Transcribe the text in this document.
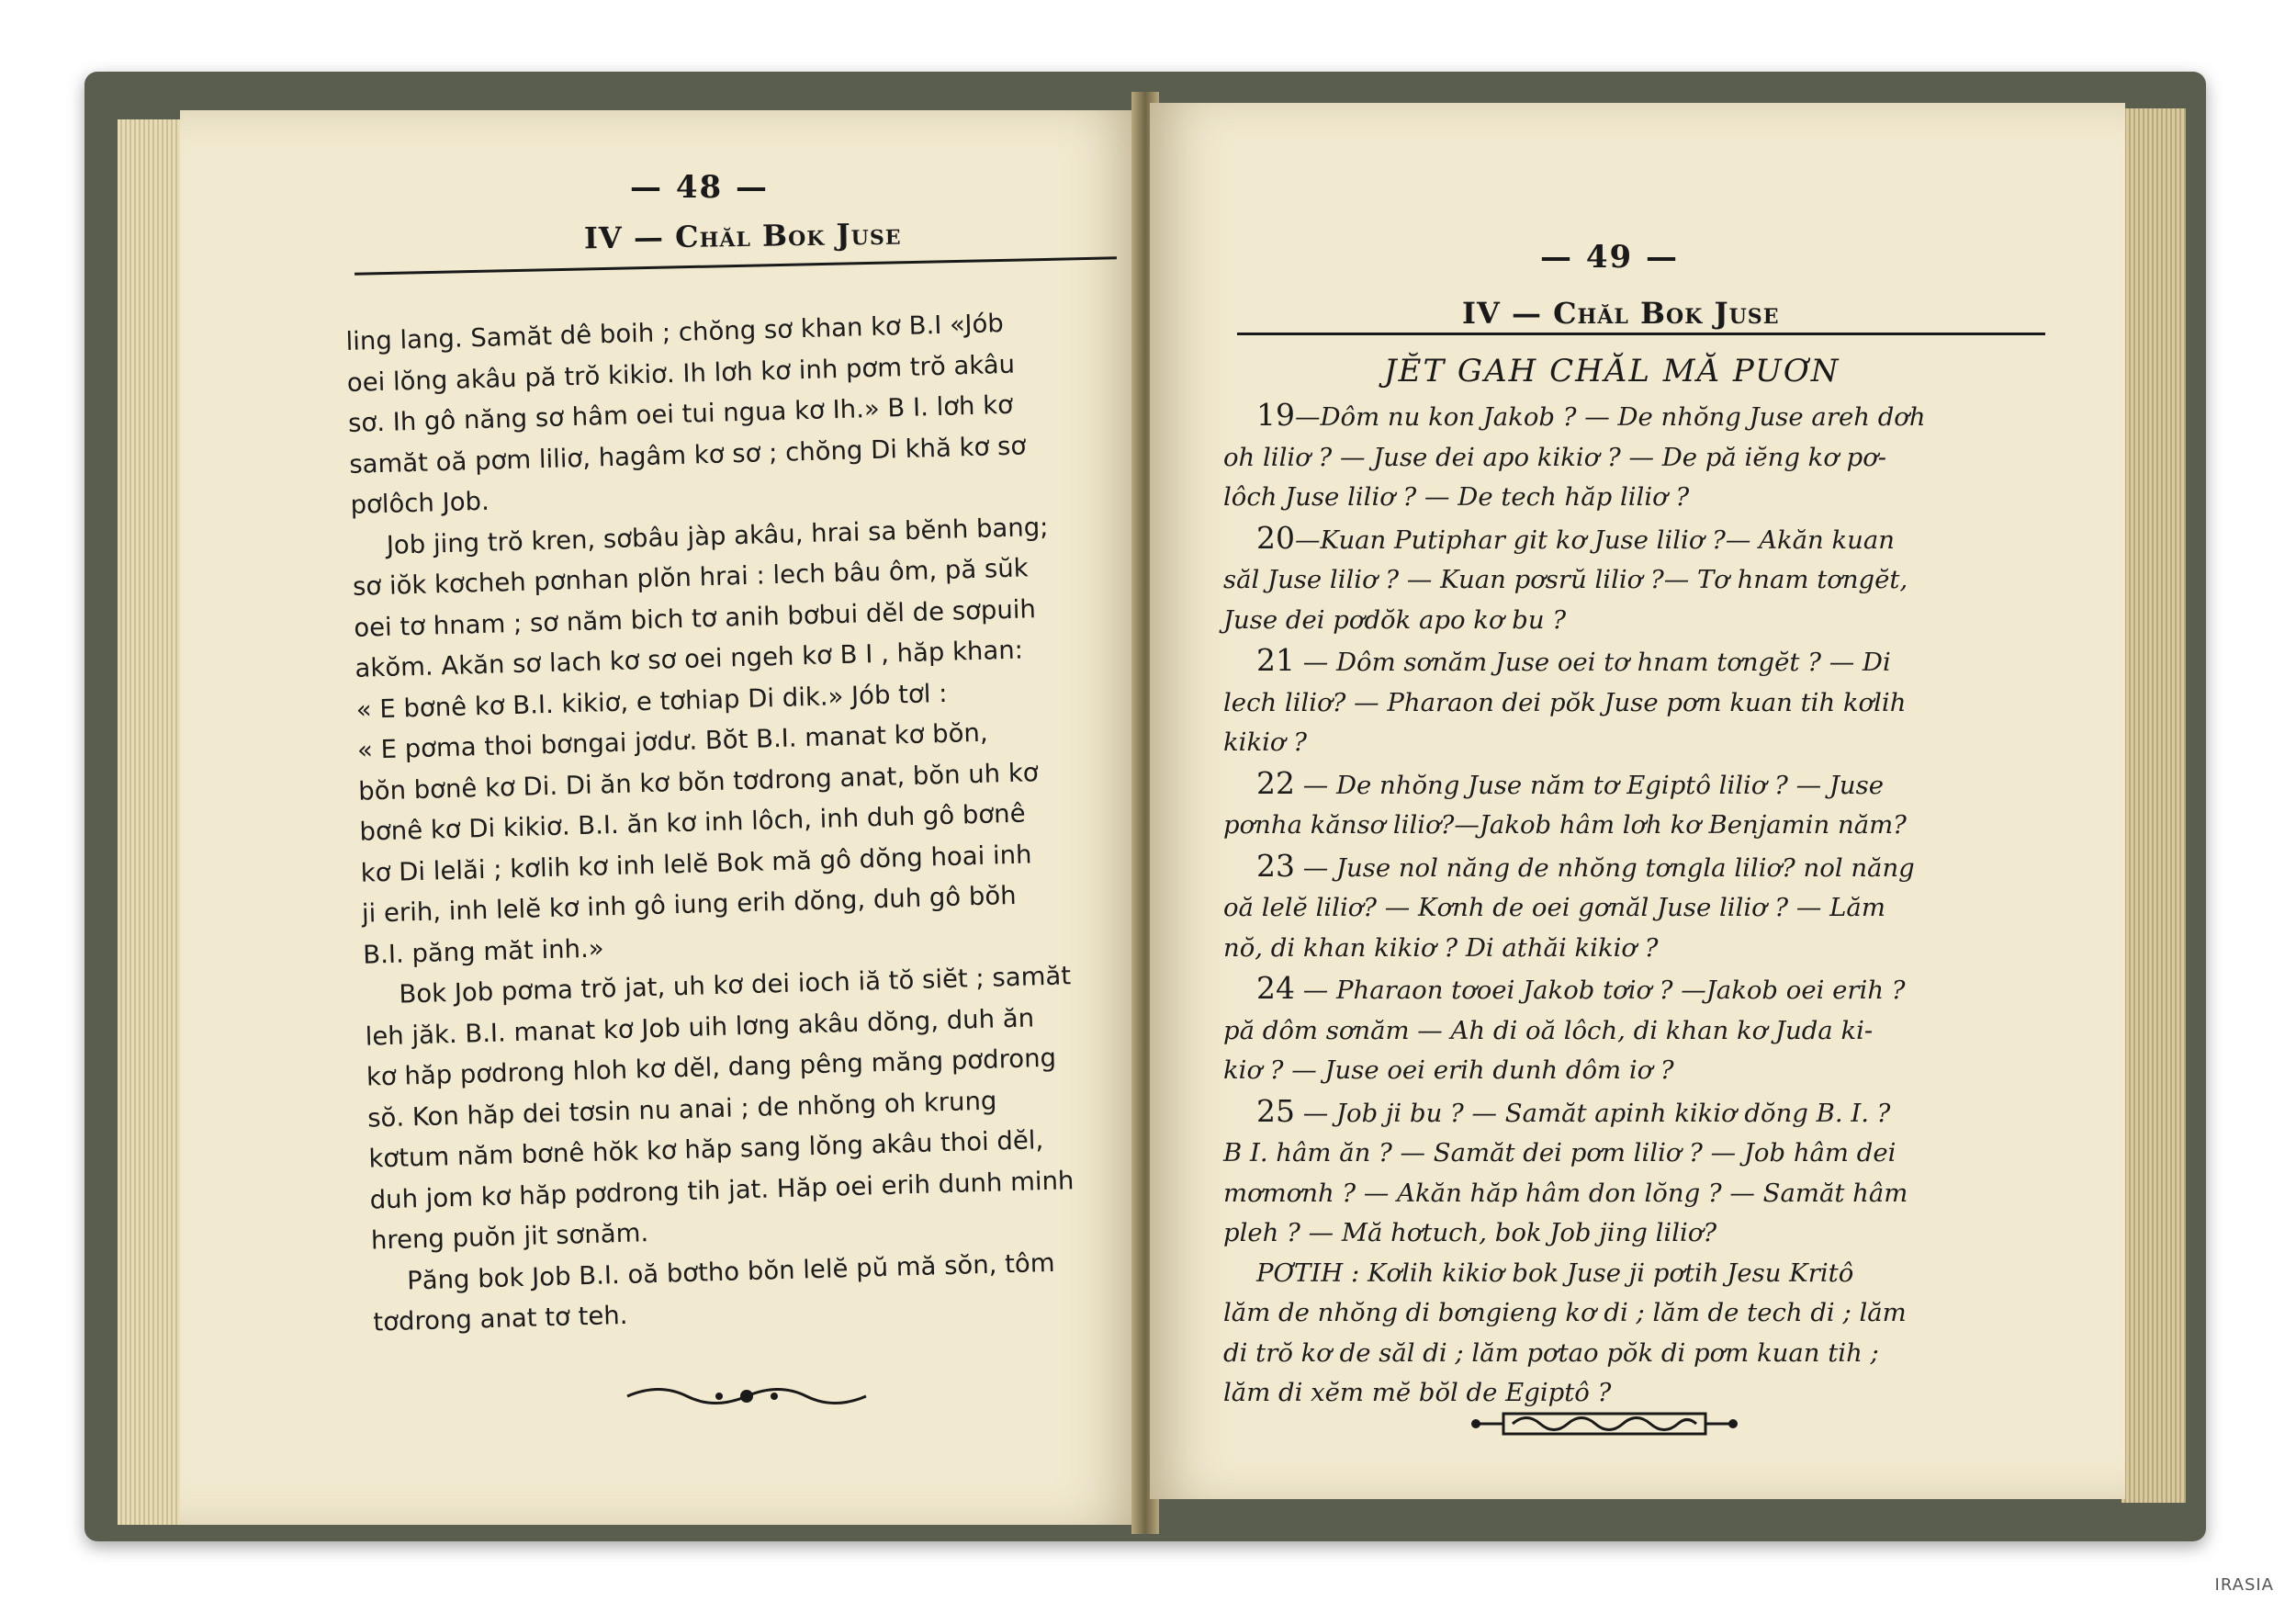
— 48 —
IV — Chăl Bok Juse

ling lang. Samăt dê boih ; chŏng sơ khan kơ B.I «Jób

oei lŏng akâu pă trŏ kikiơ. Ih lơh kơ inh pơm trŏ akâu

sơ. Ih gô năng sơ hâm oei tui ngua kơ Ih.» B I. lơh kơ

samăt oă pơm liliơ, hagâm kơ sơ ; chŏng Di khă kơ sơ

pơlôch Job.

Job jing trŏ kren, sơbâu jàp akâu, hrai sa bĕnh bang;

sơ iŏk kơcheh pơnhan plŏn hrai : lech bâu ôm, pă sŭk

oei tơ hnam ; sơ năm bich tơ anih bơbui dĕl de sơpuih

akŏm. Akăn sơ lach kơ sơ oei ngeh kơ B I , hăp khan:

« E bơnê kơ B.I. kikiơ, e tơhiap Di dik.» Jób tơl :

« E pơma thoi bơngai jơdư. Bŏt B.I. manat kơ bŏn,

bŏn bơnê kơ Di. Di ăn kơ bŏn tơdrong anat, bŏn uh kơ

bơnê kơ Di kikiơ. B.I. ăn kơ inh lôch, inh duh gô bơnê

kơ Di lelăi ; kơlih kơ inh lelĕ Bok mă gô dŏng hoai inh

ji erih, inh lelĕ kơ inh gô iung erih dŏng, duh gô bŏh

B.I. păng măt inh.»

Bok Job pơma trŏ jat, uh kơ dei ioch iă tŏ siĕt ; samăt

leh jăk. B.I. manat kơ Job uih lơng akâu dŏng, duh ăn

kơ hăp pơdrong hloh kơ dĕl, dang pêng măng pơdrong

sŏ. Kon hăp dei tơsin nu anai ; de nhŏng oh krung

kơtum năm bơnê hŏk kơ hăp sang lŏng akâu thoi dĕl,

duh jom kơ hăp pơdrong tih jat. Hăp oei erih dunh minh

hreng puŏn jit sơnăm.

Păng bok Job B.I. oă bơtho bŏn lelĕ pŭ mă sŏn, tôm

tơdrong anat tơ teh.

— 49 —
IV — Chăl Bok Juse
JĔT GAH CHĂL MĂ PUƠN

19—Dôm nu kon Jakob ? — De nhŏng Juse areh dơh

oh liliơ ? — Juse dei apo kikiơ ? — De pă iĕng kơ pơ-

lôch Juse liliơ ? — De tech hăp liliơ ?

20—Kuan Putiphar git kơ Juse liliơ ?— Akăn kuan

săl Juse liliơ ? — Kuan pơsrŭ liliơ ?— Tơ hnam tơngĕt,

Juse dei pơdŏk apo kơ bu ?

21 — Dôm sơnăm Juse oei tơ hnam tơngĕt ? — Di

lech liliơ? — Pharaon dei pŏk Juse pơm kuan tih kơlih

kikiơ ?

22 — De nhŏng Juse năm tơ Egiptô liliơ ? — Juse

pơnha kănsơ liliơ?—Jakob hâm lơh kơ Benjamin năm?

23 — Juse nol năng de nhŏng tơngla liliơ? nol năng

oă lelĕ liliơ? — Kơnh de oei gơnăl Juse liliơ ? — Lăm

nŏ, di khan kikiơ ? Di athăi kikiơ ?

24 — Pharaon tơoei Jakob tơiơ ? —Jakob oei erih ?

pă dôm sơnăm — Ah di oă lôch, di khan kơ Juda ki-

kiơ ? — Juse oei erih dunh dôm iơ ?

25 — Job ji bu ? — Samăt apinh kikiơ dŏng B. I. ?

B I. hâm ăn ? — Samăt dei pơm liliơ ? — Job hâm dei

mơmơnh ? — Akăn hăp hâm don lŏng ? — Samăt hâm

pleh ? — Mă hơtuch, bok Job jing liliơ?

PƠTIH : Kơlih kikiơ bok Juse ji pơtih Jesu Kritô

lăm de nhŏng di bơngieng kơ di ; lăm de tech di ; lăm

di trŏ kơ de săl di ; lăm pơtao pŏk di pơm kuan tih ;

lăm di xĕm mĕ bŏl de Egiptô ?

IRASIA
